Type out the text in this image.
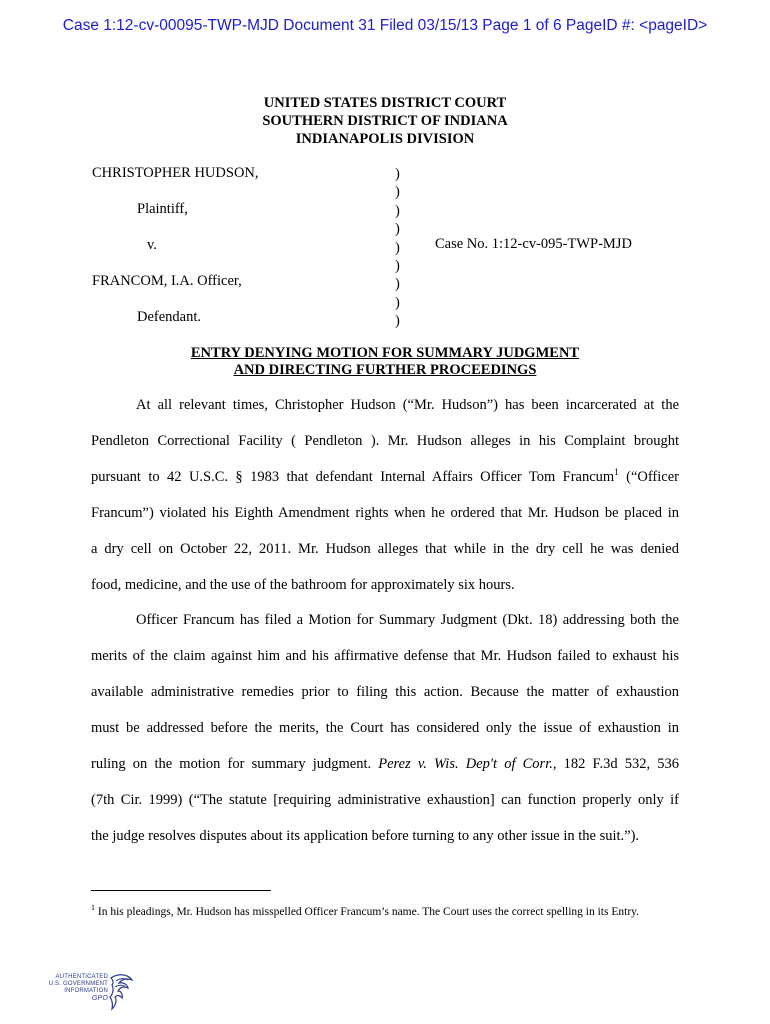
Case 1:12-cv-00095-TWP-MJD Document 31 Filed 03/15/13 Page 1 of 6 PageID #: <pageID>
UNITED STATES DISTRICT COURT
SOUTHERN DISTRICT OF INDIANA
INDIANAPOLIS DIVISION
CHRISTOPHER HUDSON,
Plaintiff,
v.
FRANCOM, I.A. Officer,
Defendant.
)
)
)
)
)
)
)
)
)
Case No. 1:12-cv-095-TWP-MJD
ENTRY DENYING MOTION FOR SUMMARY JUDGMENT
AND DIRECTING FURTHER PROCEEDINGS
At all relevant times, Christopher Hudson (“Mr. Hudson”) has been incarcerated at the
Pendleton Correctional Facility ( Pendleton ). Mr. Hudson alleges in his Complaint brought
pursuant to 42 U.S.C. § 1983 that defendant Internal Affairs Officer Tom Francum$^1$ (“Officer
Francum”) violated his Eighth Amendment rights when he ordered that Mr. Hudson be placed in
a dry cell on October 22, 2011. Mr. Hudson alleges that while in the dry cell he was denied
food, medicine, and the use of the bathroom for approximately six hours.
Officer Francum has filed a Motion for Summary Judgment (Dkt. 18) addressing both the
merits of the claim against him and his affirmative defense that Mr. Hudson failed to exhaust his
available administrative remedies prior to filing this action. Because the matter of exhaustion
must be addressed before the merits, the Court has considered only the issue of exhaustion in
ruling on the motion for summary judgment. Perez v. Wis. Dep't of Corr., 182 F.3d 532, 536
(7th Cir. 1999) (“The statute [requiring administrative exhaustion] can function properly only if
the judge resolves disputes about its application before turning to any other issue in the suit.”).
$^1$ In his pleadings, Mr. Hudson has misspelled Officer Francum’s name. The Court uses the correct spelling in its Entry.
AUTHENTICATED
U.S. GOVERNMENT
INFORMATION
GPO
